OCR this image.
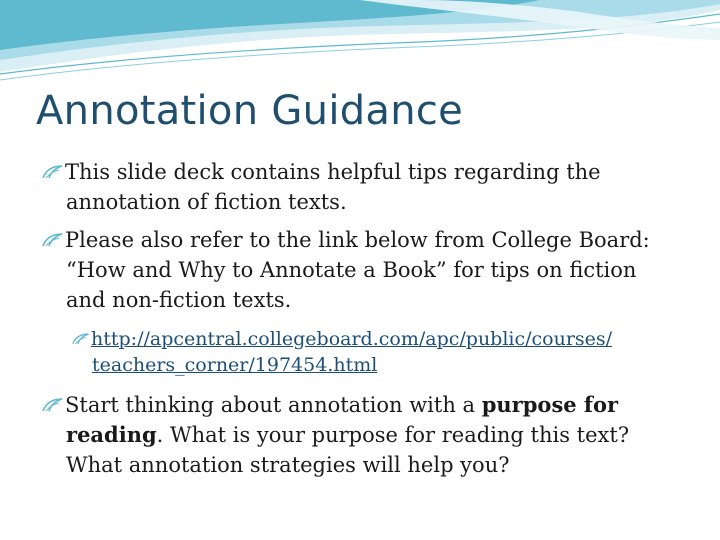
Annotation Guidance
This slide deck contains helpful tips regarding the
annotation of fiction texts.
Please also refer to the link below from College Board:
“How and Why to Annotate a Book” for tips on fiction
and non-fiction texts.
http://apcentral.collegeboard.com/apc/public/courses/
teachers_corner/197454.html
Start thinking about annotation with a purpose for
reading. What is your purpose for reading this text?
What annotation strategies will help you?
